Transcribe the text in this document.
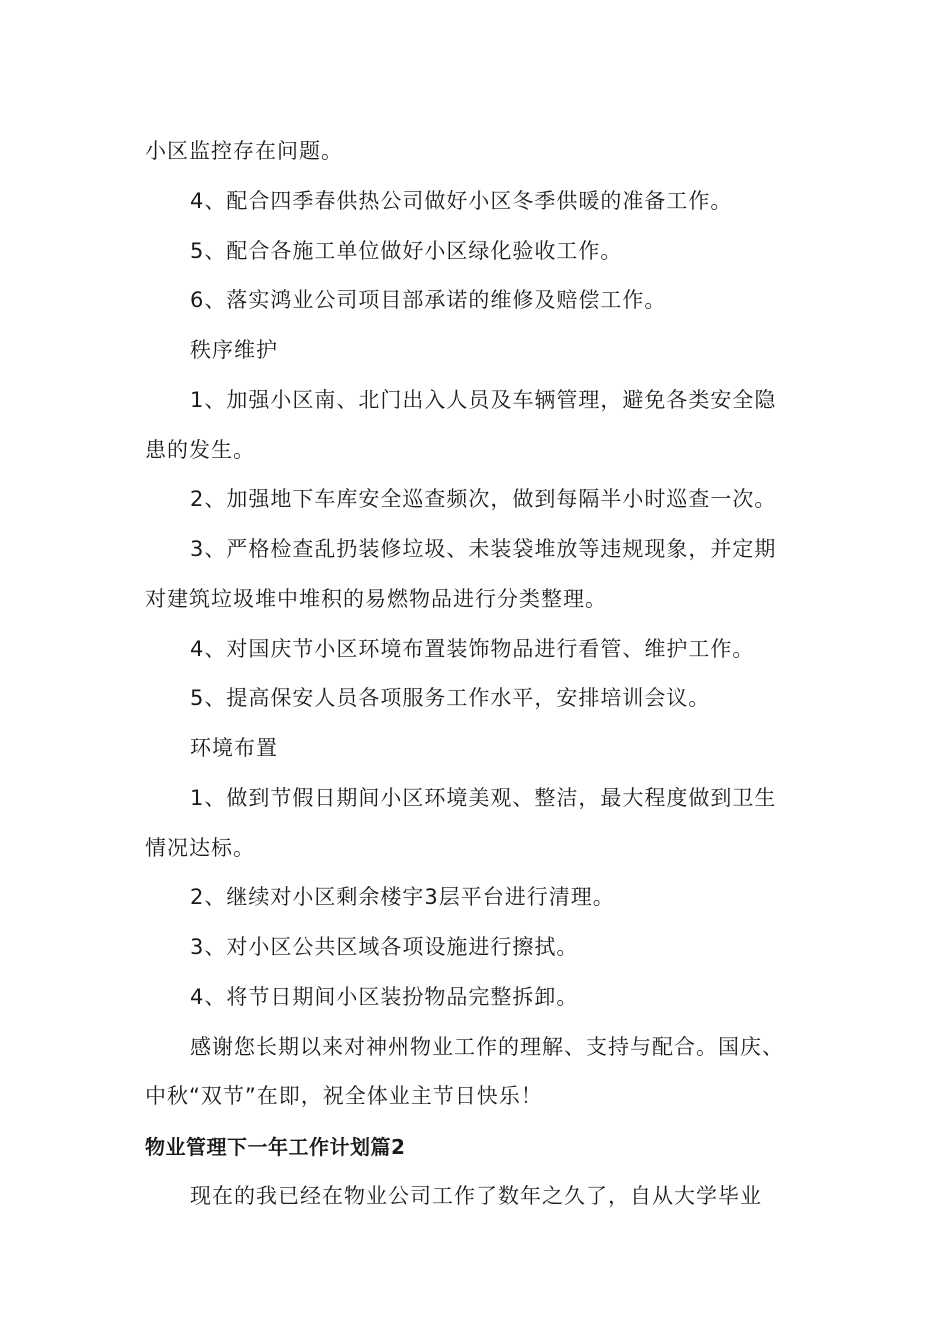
小区监控存在问题。
4、配合四季春供热公司做好小区冬季供暖的准备工作。
5、配合各施工单位做好小区绿化验收工作。
6、落实鸿业公司项目部承诺的维修及赔偿工作。
秩序维护
1、加强小区南、北门出入人员及车辆管理，避免各类安全隐
患的发生。
2、加强地下车库安全巡查频次，做到每隔半小时巡查一次。
3、严格检查乱扔装修垃圾、未装袋堆放等违规现象，并定期
对建筑垃圾堆中堆积的易燃物品进行分类整理。
4、对国庆节小区环境布置装饰物品进行看管、维护工作。
5、提高保安人员各项服务工作水平，安排培训会议。
环境布置
1、做到节假日期间小区环境美观、整洁，最大程度做到卫生
情况达标。
2、继续对小区剩余楼宇3层平台进行清理。
3、对小区公共区域各项设施进行擦拭。
4、将节日期间小区装扮物品完整拆卸。
感谢您长期以来对神州物业工作的理解、支持与配合。国庆、
中秋“双节”在即，祝全体业主节日快乐！
物业管理下一年工作计划篇2
现在的我已经在物业公司工作了数年之久了，自从大学毕业
